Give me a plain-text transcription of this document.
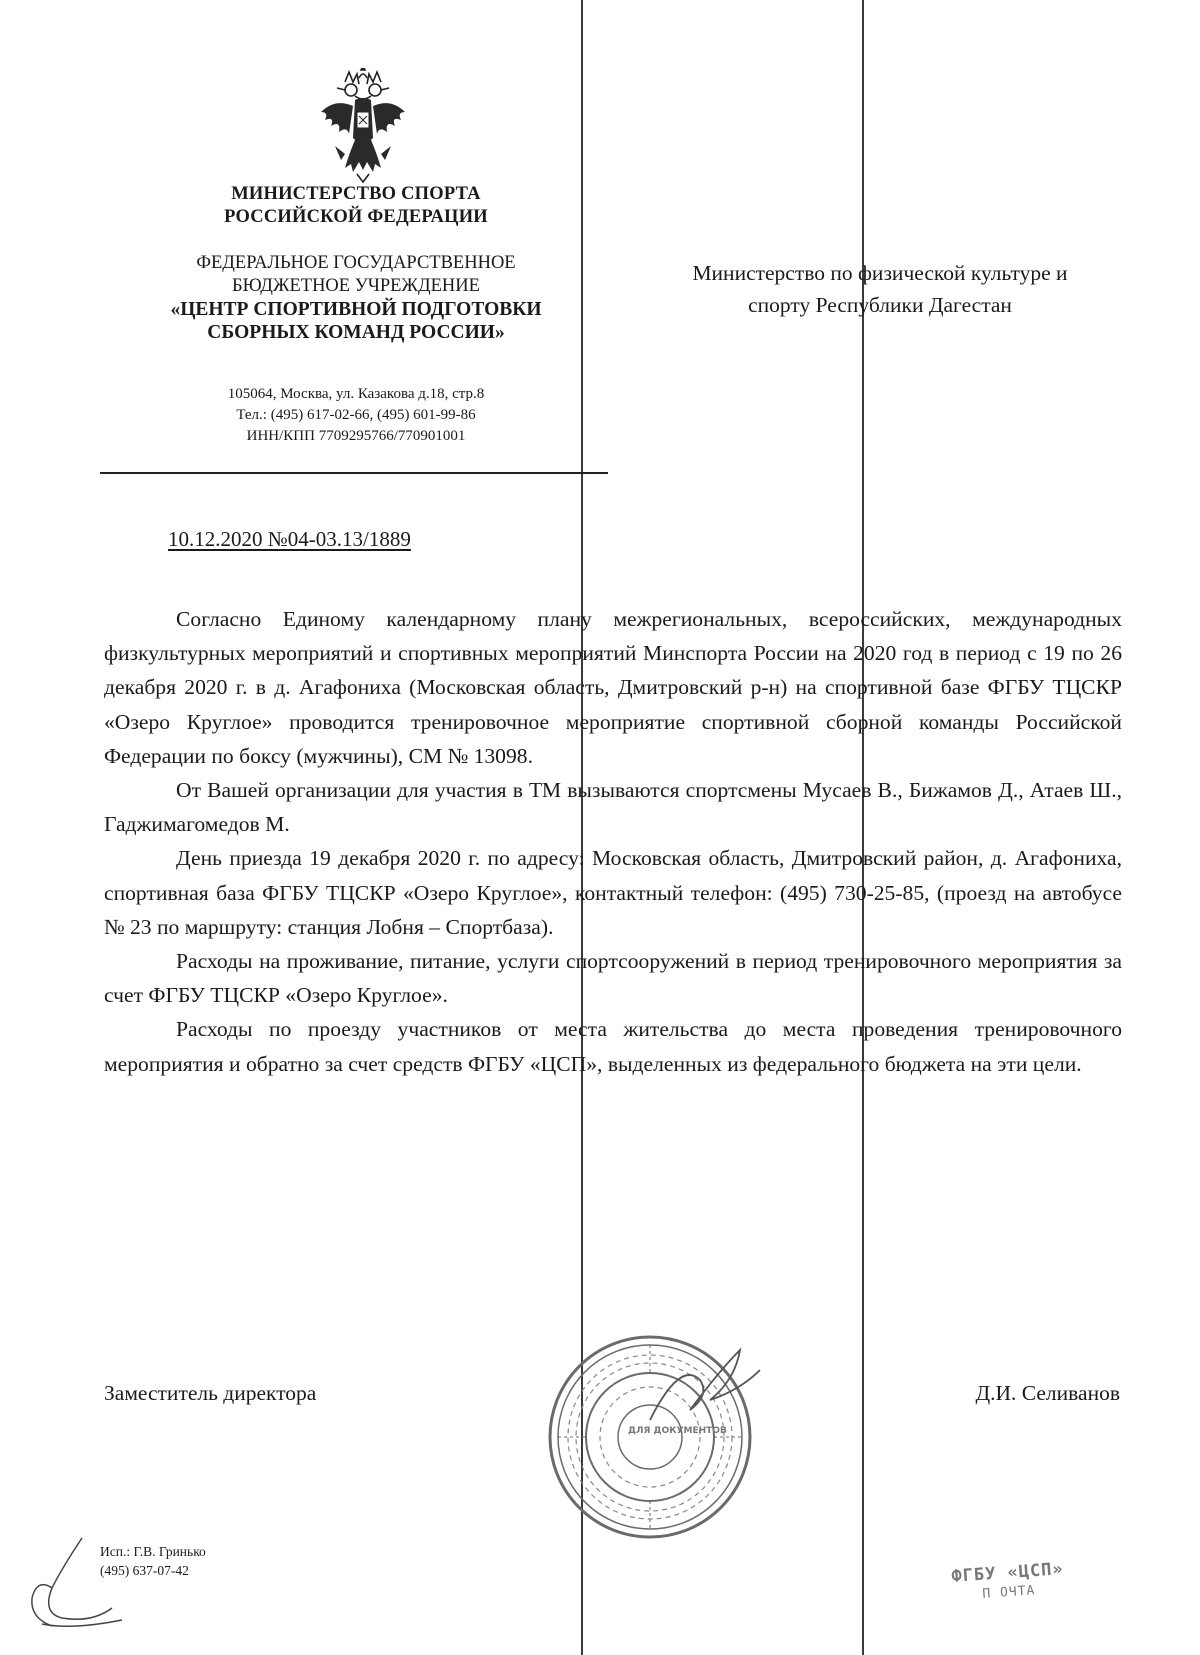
МИНИСТЕРСТВО СПОРТА
РОССИЙСКОЙ ФЕДЕРАЦИИ
ФЕДЕРАЛЬНОЕ ГОСУДАРСТВЕННОЕ
БЮДЖЕТНОЕ УЧРЕЖДЕНИЕ
«ЦЕНТР СПОРТИВНОЙ ПОДГОТОВКИ
СБОРНЫХ КОМАНД РОССИИ»
105064, Москва, ул. Казакова д.18, стр.8
Тел.: (495) 617-02-66, (495) 601-99-86
ИНН/КПП 7709295766/770901001
Министерство по физической культуре и
спорту Республики Дагестан
10.12.2020 №04-03.13/1889

Согласно Единому календарному плану межрегиональных, всероссийских, международных физкультурных мероприятий и спортивных мероприятий Минспорта России на 2020 год в период с 19 по 26 декабря 2020 г. в д. Агафониха (Московская область, Дмитровский р-н) на спортивной базе ФГБУ ТЦСКР «Озеро Круглое» проводится тренировочное мероприятие спортивной сборной команды Российской Федерации по боксу (мужчины), СМ № 13098.

От Вашей организации для участия в ТМ вызываются спортсмены Мусаев В., Бижамов Д., Атаев Ш., Гаджимагомедов М.

День приезда 19 декабря 2020 г. по адресу: Московская область, Дмитровский район, д. Агафониха, спортивная база ФГБУ ТЦСКР «Озеро Круглое», контактный телефон: (495) 730-25-85, (проезд на автобусе № 23 по маршруту: станция Лобня – Спортбаза).

Расходы на проживание, питание, услуги спортсооружений в период тренировочного мероприятия за счет ФГБУ ТЦСКР «Озеро Круглое».

Расходы по проезду участников от места жительства до места проведения тренировочного мероприятия и обратно за счет средств ФГБУ «ЦСП», выделенных из федерального бюджета на эти цели.

ДЛЯ ДОКУМЕНТОВ
Заместитель директора	Д.И. Селиванов
Исп.: Г.В. Гринько
(495) 637-07-42	ФГБУ «ЦСП»
П ОЧТА
